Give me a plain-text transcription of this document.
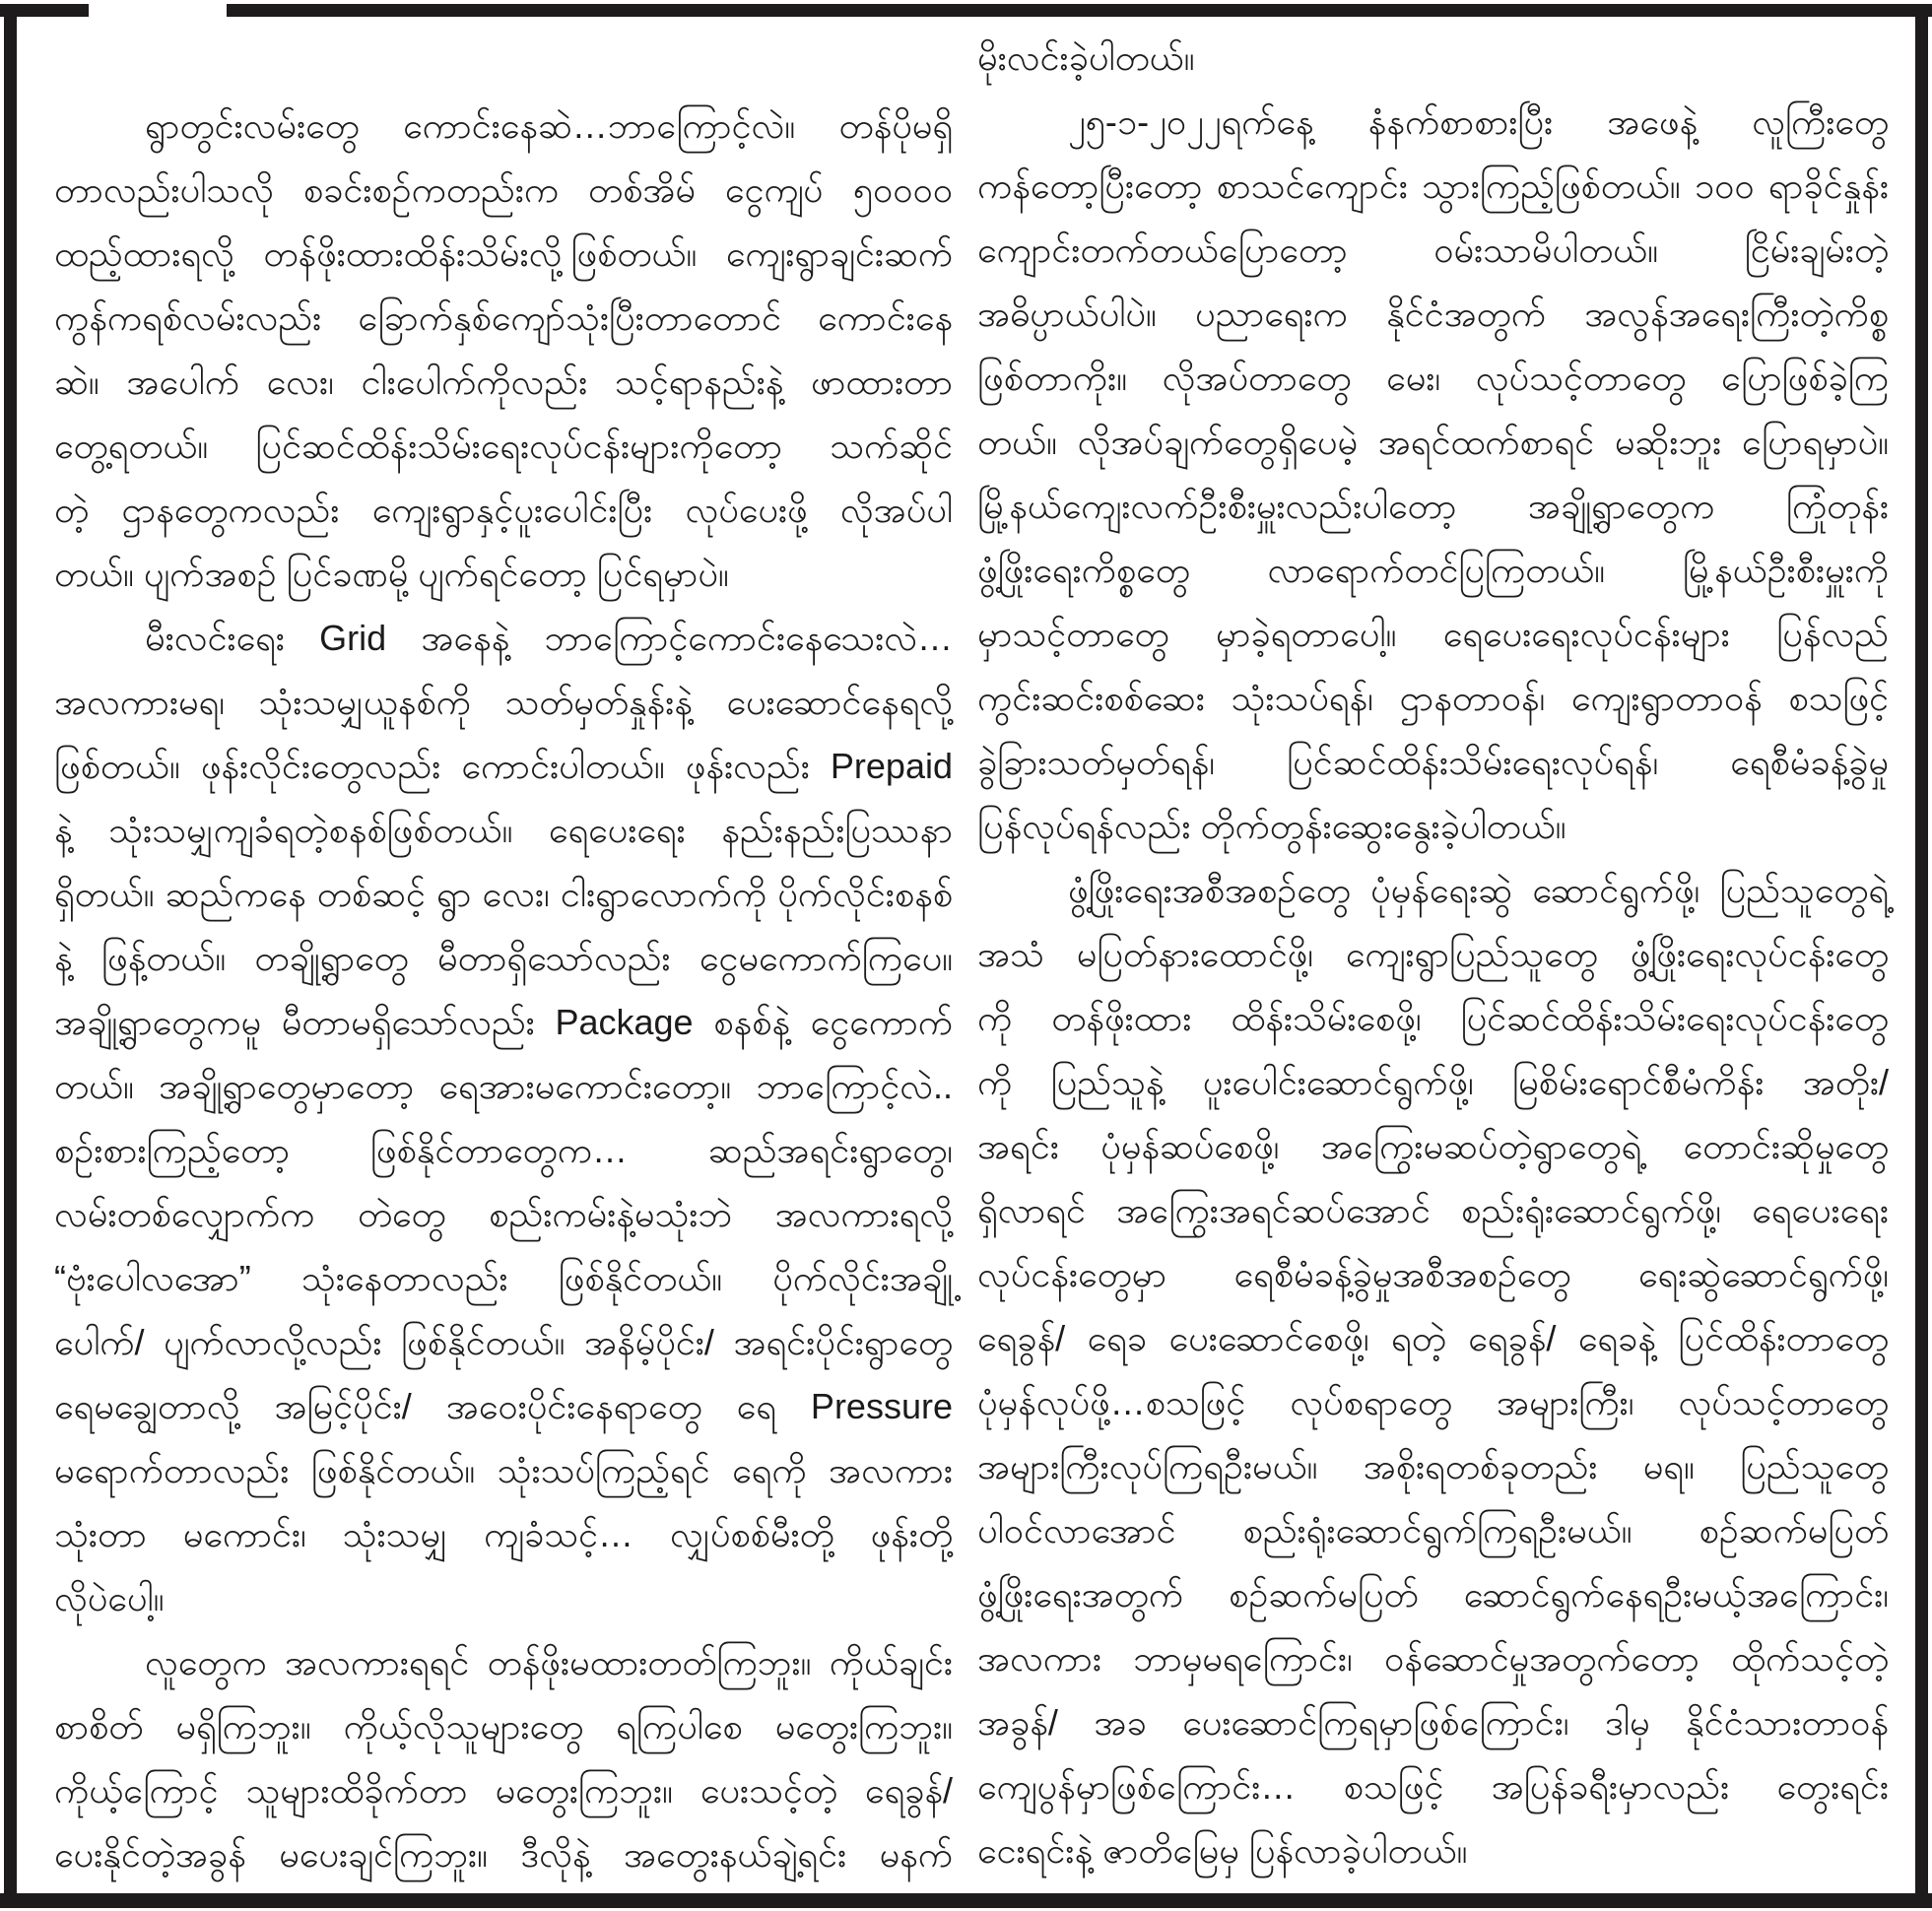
ရွာတွင်းလမ်းတွေ ကောင်းနေဆဲ…ဘာကြောင့်လဲ။ တန်ပိုမရှိ
တာလည်းပါသလို စခင်းစဉ်ကတည်းက တစ်အိမ် ငွေကျပ် ၅၀၀၀၀
ထည့်ထားရလို့ တန်ဖိုးထားထိန်းသိမ်းလို့ဖြစ်တယ်။ ကျေးရွာချင်းဆက်
ကွန်ကရစ်လမ်းလည်း ခြောက်နှစ်ကျော်သုံးပြီးတာတောင် ကောင်းနေ
ဆဲ။ အပေါက် လေး၊ ငါးပေါက်ကိုလည်း သင့်ရာနည်းနဲ့ ဖာထားတာ
တွေ့ရတယ်။ ပြင်ဆင်ထိန်းသိမ်းရေးလုပ်ငန်းများကိုတော့ သက်ဆိုင်
တဲ့ ဌာနတွေကလည်း ကျေးရွာနှင့်ပူးပေါင်းပြီး လုပ်ပေးဖို့ လိုအပ်ပါ
တယ်။ ပျက်အစဉ် ပြင်ခဏမို့ ပျက်ရင်တော့ ပြင်ရမှာပဲ။
မီးလင်းရေး Grid အနေနဲ့ ဘာကြောင့်ကောင်းနေသေးလဲ…
အလကားမရ၊ သုံးသမျှယူနစ်ကို သတ်မှတ်နှုန်းနဲ့ ပေးဆောင်နေရလို့
ဖြစ်တယ်။ ဖုန်းလိုင်းတွေလည်း ကောင်းပါတယ်။ ဖုန်းလည်း Prepaid
နဲ့ သုံးသမျှကျခံရတဲ့စနစ်ဖြစ်တယ်။ ရေပေးရေး နည်းနည်းပြဿနာ
ရှိတယ်။ ဆည်ကနေ တစ်ဆင့် ရွာ လေး၊ ငါးရွာလောက်ကို ပိုက်လိုင်းစနစ်
နဲ့ ဖြန့်တယ်။ တချို့ရွာတွေ မီတာရှိသော်လည်း ငွေမကောက်ကြပေ။
အချို့ရွာတွေကမူ မီတာမရှိသော်လည်း Package စနစ်နဲ့ ငွေကောက်
တယ်။ အချို့ရွာတွေမှာတော့ ရေအားမကောင်းတော့။ ဘာကြောင့်လဲ..
စဉ်းစားကြည့်တော့ ဖြစ်နိုင်တာတွေက… ဆည်အရင်းရွာတွေ၊
လမ်းတစ်လျှောက်က တဲတွေ စည်းကမ်းနဲ့မသုံးဘဲ အလကားရလို့
“ဗုံးပေါလအော” သုံးနေတာလည်း ဖြစ်နိုင်တယ်။ ပိုက်လိုင်းအချို့
ပေါက်/ ပျက်လာလို့လည်း ဖြစ်နိုင်တယ်။ အနိမ့်ပိုင်း/ အရင်းပိုင်းရွာတွေ
ရေမချွေတာလို့ အမြင့်ပိုင်း/ အဝေးပိုင်းနေရာတွေ ရေ Pressure
မရောက်တာလည်း ဖြစ်နိုင်တယ်။ သုံးသပ်ကြည့်ရင် ရေကို အလကား
သုံးတာ မကောင်း၊ သုံးသမျှ ကျခံသင့်… လျှပ်စစ်မီးတို့ ဖုန်းတို့
လိုပဲပေါ့။
လူတွေက အလကားရရင် တန်ဖိုးမထားတတ်ကြဘူး။ ကိုယ်ချင်း
စာစိတ် မရှိကြဘူး။ ကိုယ့်လိုသူများတွေ ရကြပါစေ မတွေးကြဘူး။
ကိုယ့်ကြောင့် သူများထိခိုက်တာ မတွေးကြဘူး။ ပေးသင့်တဲ့ ရေခွန်/
ပေးနိုင်တဲ့အခွန် မပေးချင်ကြဘူး။ ဒီလိုနဲ့ အတွေးနယ်ချဲ့ရင်း မနက်
မိုးလင်းခဲ့ပါတယ်။
၂၅-၁-၂၀၂၂ရက်နေ့ နံနက်စာစားပြီး အဖေနဲ့ လူကြီးတွေ
ကန်တော့ပြီးတော့ စာသင်ကျောင်း သွားကြည့်ဖြစ်တယ်။ ၁၀၀ ရာခိုင်နှုန်း
ကျောင်းတက်တယ်ပြောတော့ ဝမ်းသာမိပါတယ်။ ငြိမ်းချမ်းတဲ့
အဓိပ္ပာယ်ပါပဲ။ ပညာရေးက နိုင်ငံအတွက် အလွန်အရေးကြီးတဲ့ကိစ္စ
ဖြစ်တာကိုး။ လိုအပ်တာတွေ မေး၊ လုပ်သင့်တာတွေ ပြောဖြစ်ခဲ့ကြ
တယ်။ လိုအပ်ချက်တွေရှိပေမဲ့ အရင်ထက်စာရင် မဆိုးဘူး ပြောရမှာပဲ။
မြို့နယ်ကျေးလက်ဦးစီးမှူးလည်းပါတော့ အချို့ရွာတွေက ကြုံတုန်း
ဖွံ့ဖြိုးရေးကိစ္စတွေ လာရောက်တင်ပြကြတယ်။ မြို့နယ်ဦးစီးမှူးကို
မှာသင့်တာတွေ မှာခဲ့ရတာပေါ့။ ရေပေးရေးလုပ်ငန်းများ ပြန်လည်
ကွင်းဆင်းစစ်ဆေး သုံးသပ်ရန်၊ ဌာနတာဝန်၊ ကျေးရွာတာဝန် စသဖြင့်
ခွဲခြားသတ်မှတ်ရန်၊ ပြင်ဆင်ထိန်းသိမ်းရေးလုပ်ရန်၊ ရေစီမံခန့်ခွဲမှု
ပြန်လုပ်ရန်လည်း တိုက်တွန်းဆွေးနွေးခဲ့ပါတယ်။
ဖွံ့ဖြိုးရေးအစီအစဉ်တွေ ပုံမှန်ရေးဆွဲ ဆောင်ရွက်ဖို့၊ ပြည်သူတွေရဲ့
အသံ မပြတ်နားထောင်ဖို့၊ ကျေးရွာပြည်သူတွေ ဖွံ့ဖြိုးရေးလုပ်ငန်းတွေ
ကို တန်ဖိုးထား ထိန်းသိမ်းစေဖို့၊ ပြင်ဆင်ထိန်းသိမ်းရေးလုပ်ငန်းတွေ
ကို ပြည်သူနဲ့ ပူးပေါင်းဆောင်ရွက်ဖို့၊ မြစိမ်းရောင်စီမံကိန်း အတိုး/
အရင်း ပုံမှန်ဆပ်စေဖို့၊ အကြွေးမဆပ်တဲ့ရွာတွေရဲ့ တောင်းဆိုမှုတွေ
ရှိလာရင် အကြွေးအရင်ဆပ်အောင် စည်းရုံးဆောင်ရွက်ဖို့၊ ရေပေးရေး
လုပ်ငန်းတွေမှာ ရေစီမံခန့်ခွဲမှုအစီအစဉ်တွေ ရေးဆွဲဆောင်ရွက်ဖို့၊
ရေခွန်/ ရေခ ပေးဆောင်စေဖို့၊ ရတဲ့ ရေခွန်/ ရေခနဲ့ ပြင်ထိန်းတာတွေ
ပုံမှန်လုပ်ဖို့…စသဖြင့် လုပ်စရာတွေ အများကြီး၊ လုပ်သင့်တာတွေ
အများကြီးလုပ်ကြရဦးမယ်။ အစိုးရတစ်ခုတည်း မရ။ ပြည်သူတွေ
ပါဝင်လာအောင် စည်းရုံးဆောင်ရွက်ကြရဦးမယ်။ စဉ်ဆက်မပြတ်
ဖွံ့ဖြိုးရေးအတွက် စဉ်ဆက်မပြတ် ဆောင်ရွက်နေရဦးမယ့်အကြောင်း၊
အလကား ဘာမှမရကြောင်း၊ ဝန်ဆောင်မှုအတွက်တော့ ထိုက်သင့်တဲ့
အခွန်/ အခ ပေးဆောင်ကြရမှာဖြစ်ကြောင်း၊ ဒါမှ နိုင်ငံသားတာဝန်
ကျေပွန်မှာဖြစ်ကြောင်း… စသဖြင့် အပြန်ခရီးမှာလည်း တွေးရင်း
ငေးရင်းနဲ့ ဇာတိမြေမှ ပြန်လာခဲ့ပါတယ်။
